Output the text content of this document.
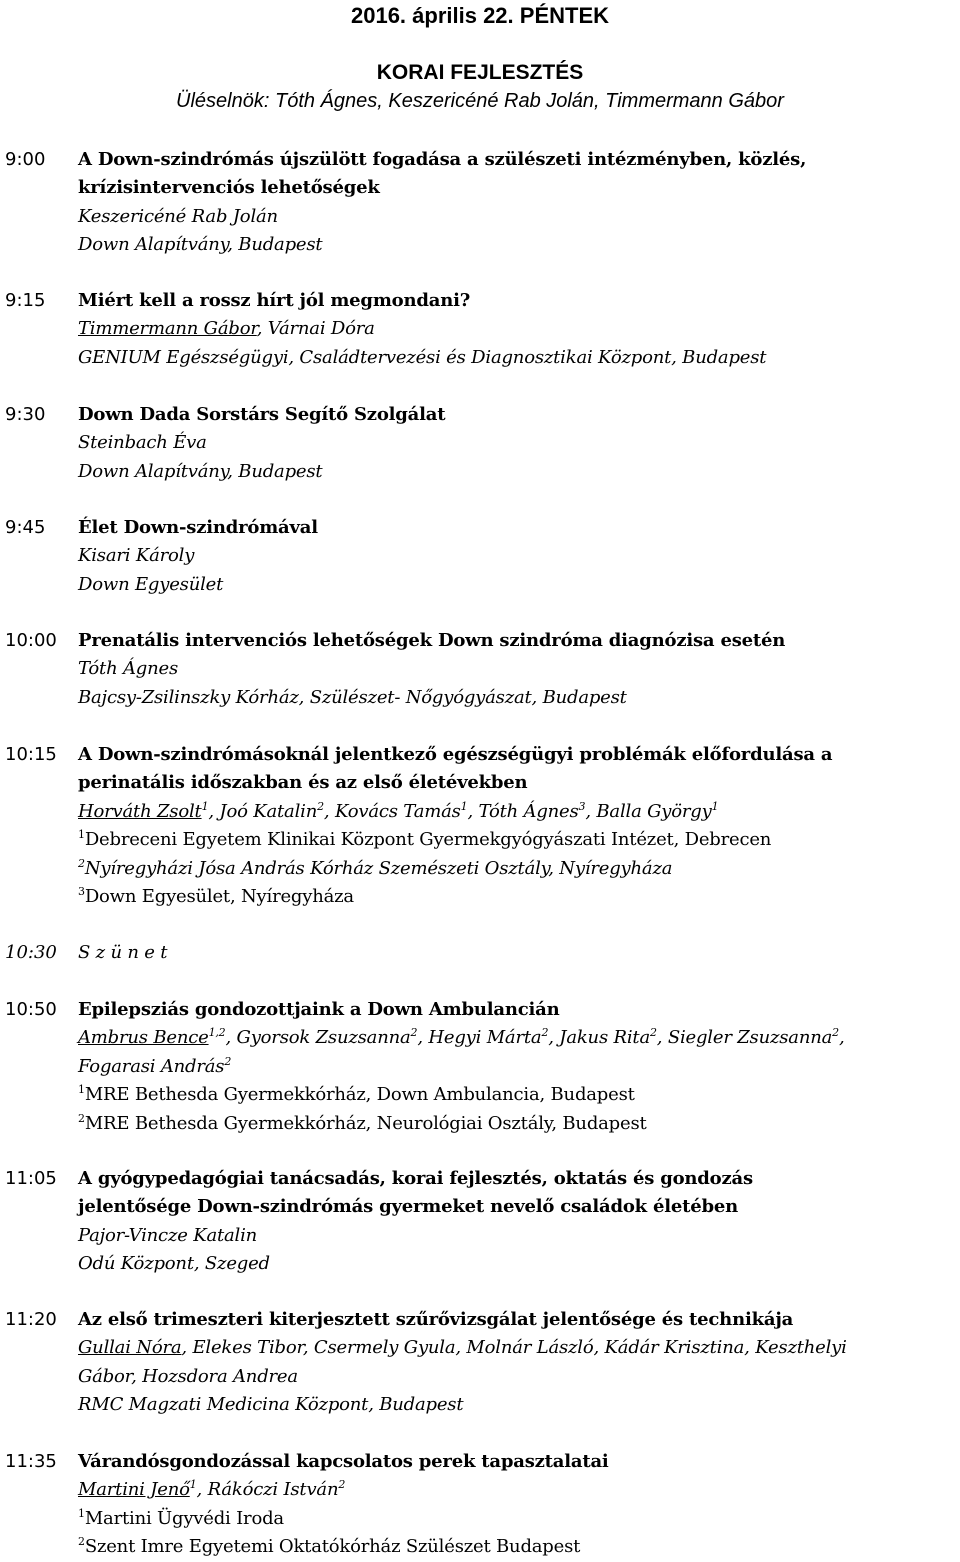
2016. április 22. PÉNTEK
KORAI FEJLESZTÉS
Üléselnök: Tóth Ágnes, Keszericéné Rab Jolán, Timmermann Gábor
9:00 A Down-szindrómás újszülött fogadása a szülészeti intézményben, közlés,
krízisintervenciós lehetőségek
Keszericéné Rab Jolán
Down Alapítvány, Budapest
9:15 Miért kell a rossz hírt jól megmondani?
Timmermann Gábor, Várnai Dóra
GENIUM Egészségügyi, Családtervezési és Diagnosztikai Központ, Budapest
9:30 Down Dada Sorstárs Segítő Szolgálat
Steinbach Éva
Down Alapítvány, Budapest
9:45 Élet Down-szindrómával
Kisari Károly
Down Egyesület
10:00 Prenatális intervenciós lehetőségek Down szindróma diagnózisa esetén
Tóth Ágnes
Bajcsy-Zsilinszky Kórház, Szülészet- Nőgyógyászat, Budapest
10:15 A Down-szindrómásoknál jelentkező egészségügyi problémák előfordulása a
perinatális időszakban és az első életévekben
Horváth Zsolt$^1$, Joó Katalin$^2$, Kovács Tamás$^1$, Tóth Ágnes$^3$, Balla György$^1$
$^1$Debreceni Egyetem Klinikai Központ Gyermekgyógyászati Intézet, Debrecen
$^2$Nyíregyházi Jósa András Kórház Szemészeti Osztály, Nyíregyháza
$^3$Down Egyesület, Nyíregyháza
10:30 S z ü n e t
10:50 Epilepsziás gondozottjaink a Down Ambulancián
Ambrus Bence$^{1,2}$, Gyorsok Zsuzsanna$^2$, Hegyi Márta$^2$, Jakus Rita$^2$, Siegler Zsuzsanna$^2$,
Fogarasi András$^2$
$^1$MRE Bethesda Gyermekkórház, Down Ambulancia, Budapest
$^2$MRE Bethesda Gyermekkórház, Neurológiai Osztály, Budapest
11:05 A gyógypedagógiai tanácsadás, korai fejlesztés, oktatás és gondozás
jelentősége Down-szindrómás gyermeket nevelő családok életében
Pajor-Vincze Katalin
Odú Központ, Szeged
11:20 Az első trimeszteri kiterjesztett szűrővizsgálat jelentősége és technikája
Gullai Nóra, Elekes Tibor, Csermely Gyula, Molnár László, Kádár Krisztina, Keszthelyi
Gábor, Hozsdora Andrea
RMC Magzati Medicina Központ, Budapest
11:35 Várandósgondozással kapcsolatos perek tapasztalatai
Martini Jenő$^1$, Rákóczi István$^2$
$^1$Martini Ügyvédi Iroda
$^2$Szent Imre Egyetemi Oktatókórház Szülészet Budapest
